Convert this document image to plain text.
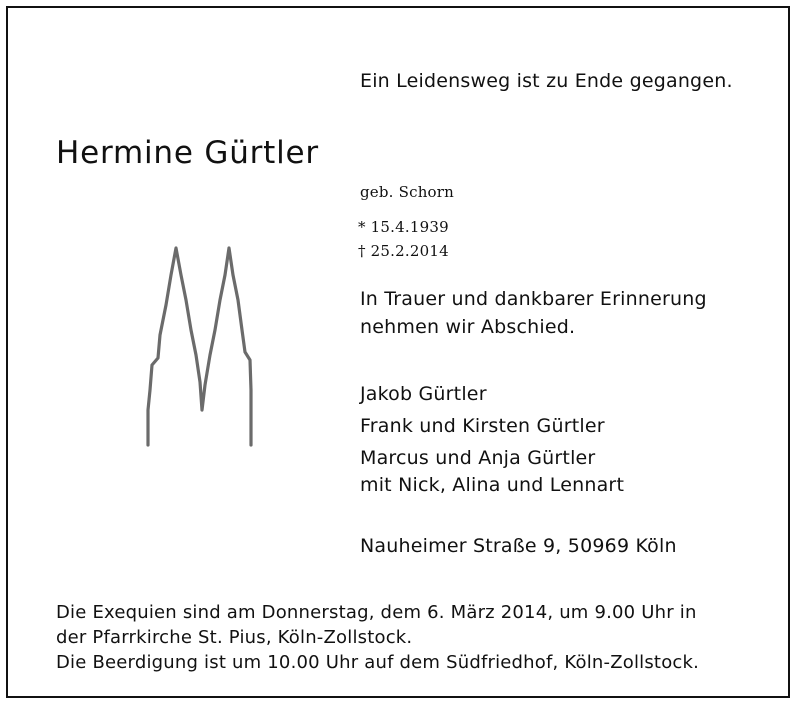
Ein Leidensweg ist zu Ende gegangen.
Hermine Gürtler
geb. Schorn
* 15.4.1939
† 25.2.2014
In Trauer und dankbarer Erinnerung
nehmen wir Abschied.
Jakob Gürtler
Frank und Kirsten Gürtler
Marcus und Anja Gürtler
mit Nick, Alina und Lennart
Nauheimer Straße 9, 50969 Köln
Die Exequien sind am Donnerstag, dem 6. März 2014, um 9.00 Uhr in
der Pfarrkirche St. Pius, Köln-Zollstock.
Die Beerdigung ist um 10.00 Uhr auf dem Südfriedhof, Köln-Zollstock.
